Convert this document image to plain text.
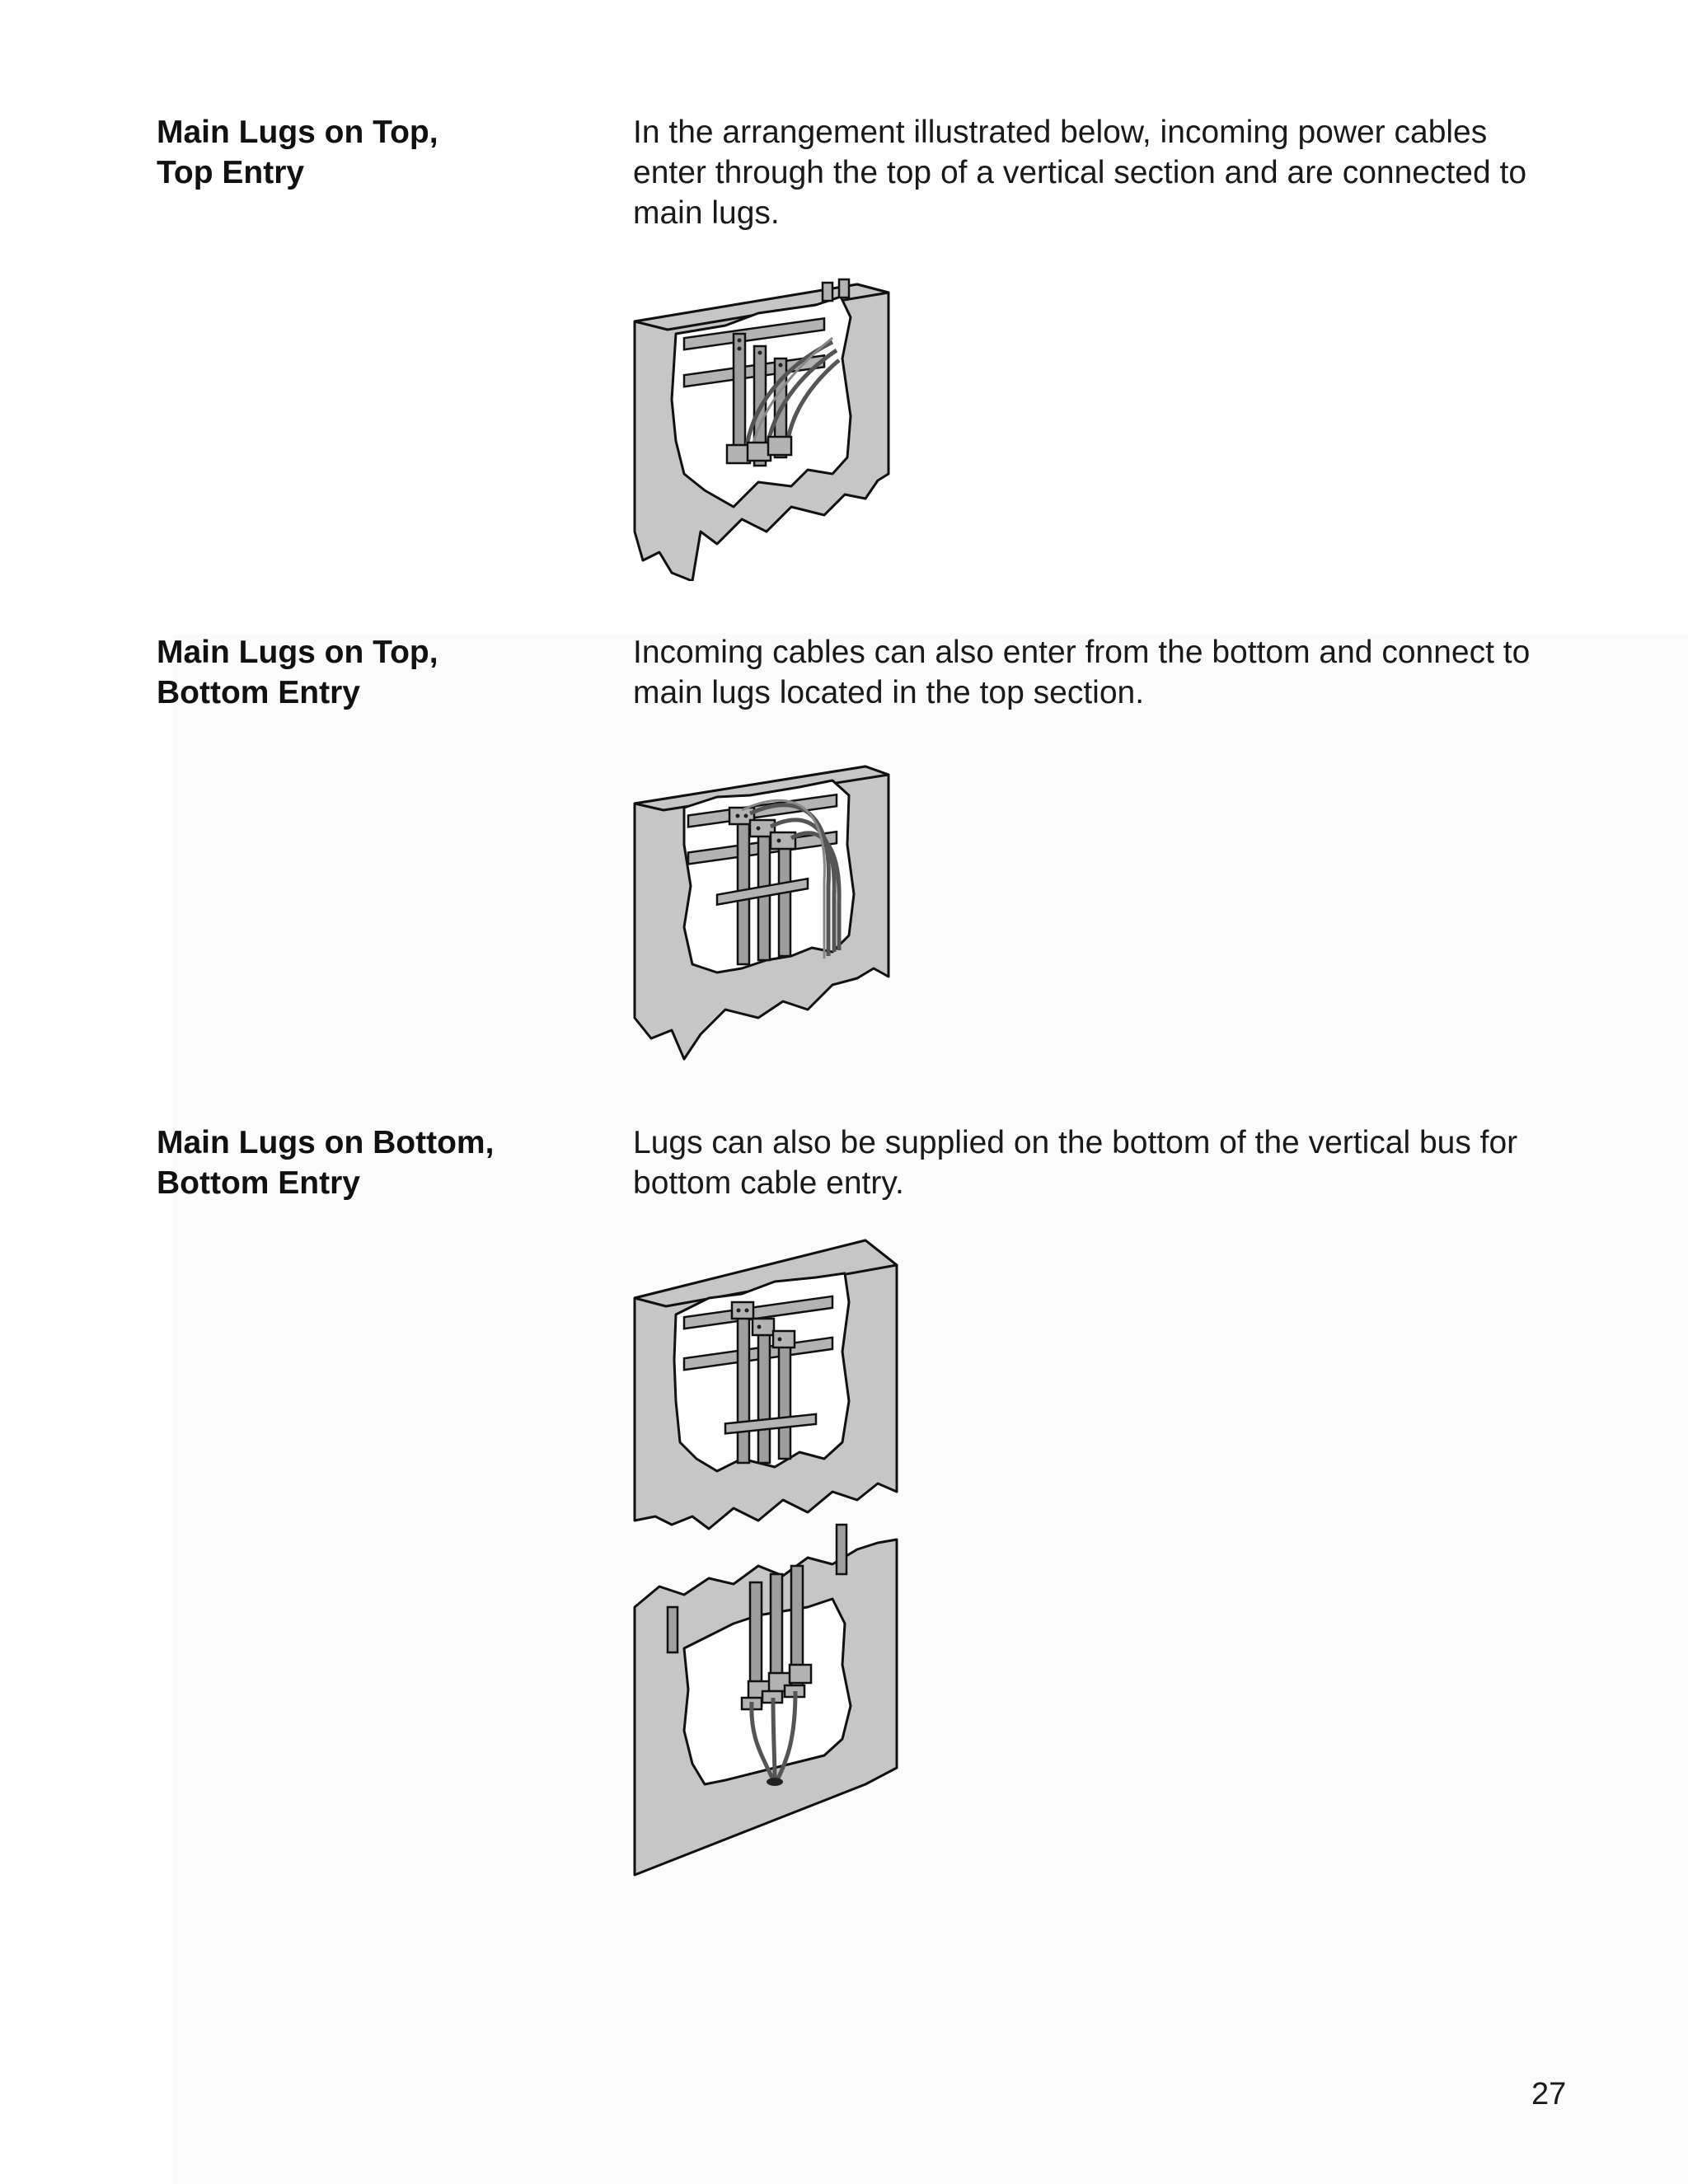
Main Lugs on Top,
Top Entry
In the arrangement illustrated below, incoming power cables
enter through the top of a vertical section and are connected to
main lugs.
Main Lugs on Top,
Bottom Entry
Incoming cables can also enter from the bottom and connect to
main lugs located in the top section.
Main Lugs on Bottom,
Bottom Entry
Lugs can also be supplied on the bottom of the vertical bus for
bottom cable entry.
27
